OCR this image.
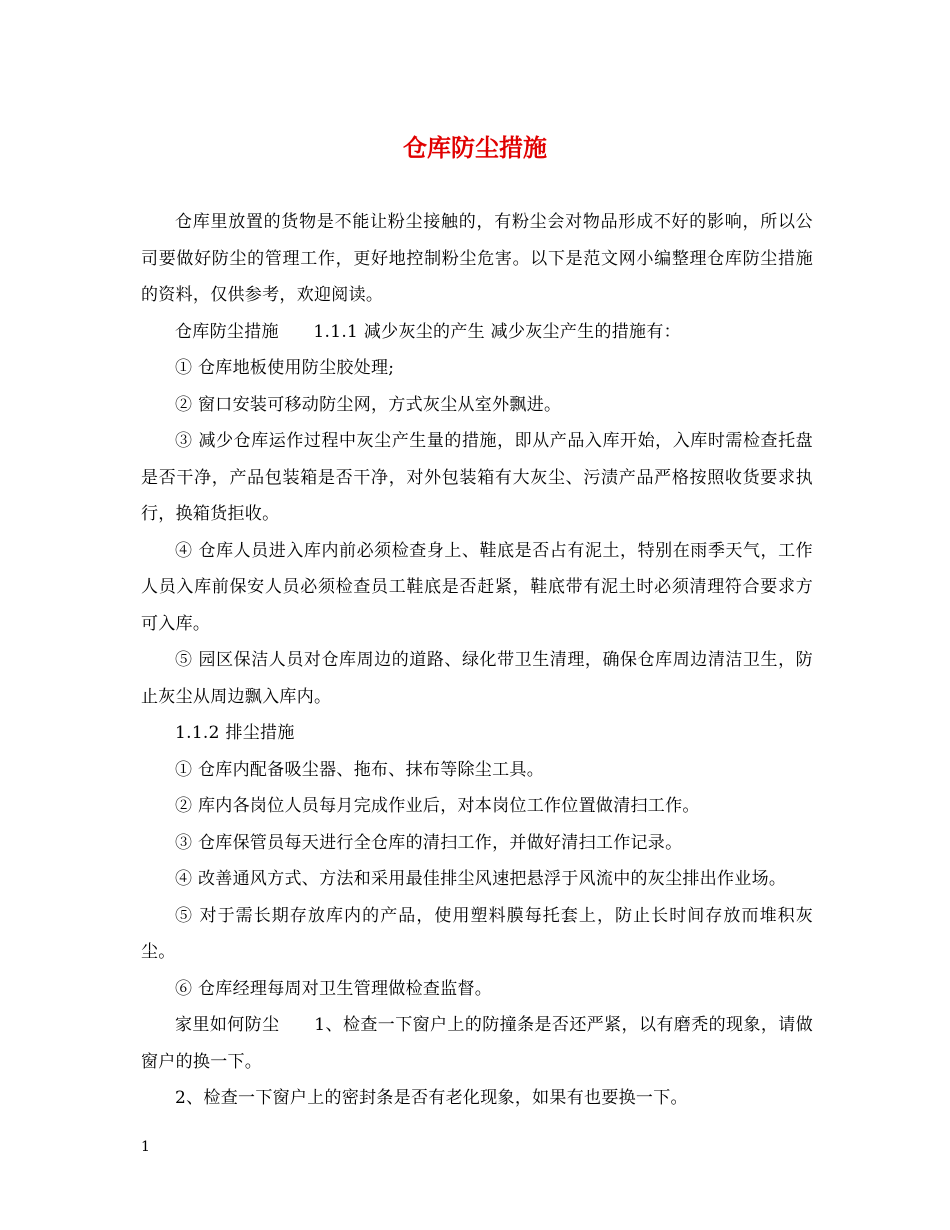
仓库防尘措施

仓库里放置的货物是不能让粉尘接触的，有粉尘会对物品形成不好的影响，所以公司要做好防尘的管理工作，更好地控制粉尘危害。以下是范文网小编整理仓库防尘措施的资料，仅供参考，欢迎阅读。

仓库防尘措施　　1.1.1 减少灰尘的产生 减少灰尘产生的措施有：

① 仓库地板使用防尘胶处理;

② 窗口安装可移动防尘网，方式灰尘从室外飘进。

③ 减少仓库运作过程中灰尘产生量的措施，即从产品入库开始，入库时需检查托盘是否干净，产品包装箱是否干净，对外包装箱有大灰尘、污渍产品严格按照收货要求执行，换箱货拒收。

④ 仓库人员进入库内前必须检查身上、鞋底是否占有泥土，特别在雨季天气，工作人员入库前保安人员必须检查员工鞋底是否赶紧，鞋底带有泥土时必须清理符合要求方可入库。

⑤ 园区保洁人员对仓库周边的道路、绿化带卫生清理，确保仓库周边清洁卫生，防止灰尘从周边飘入库内。

1.1.2 排尘措施

① 仓库内配备吸尘器、拖布、抹布等除尘工具。

② 库内各岗位人员每月完成作业后，对本岗位工作位置做清扫工作。

③ 仓库保管员每天进行全仓库的清扫工作，并做好清扫工作记录。

④ 改善通风方式、方法和采用最佳排尘风速把悬浮于风流中的灰尘排出作业场。

⑤ 对于需长期存放库内的产品，使用塑料膜每托套上，防止长时间存放而堆积灰尘。

⑥ 仓库经理每周对卫生管理做检查监督。

家里如何防尘　　1、检查一下窗户上的防撞条是否还严紧，以有磨秃的现象，请做窗户的换一下。

2、检查一下窗户上的密封条是否有老化现象，如果有也要换一下。

1
